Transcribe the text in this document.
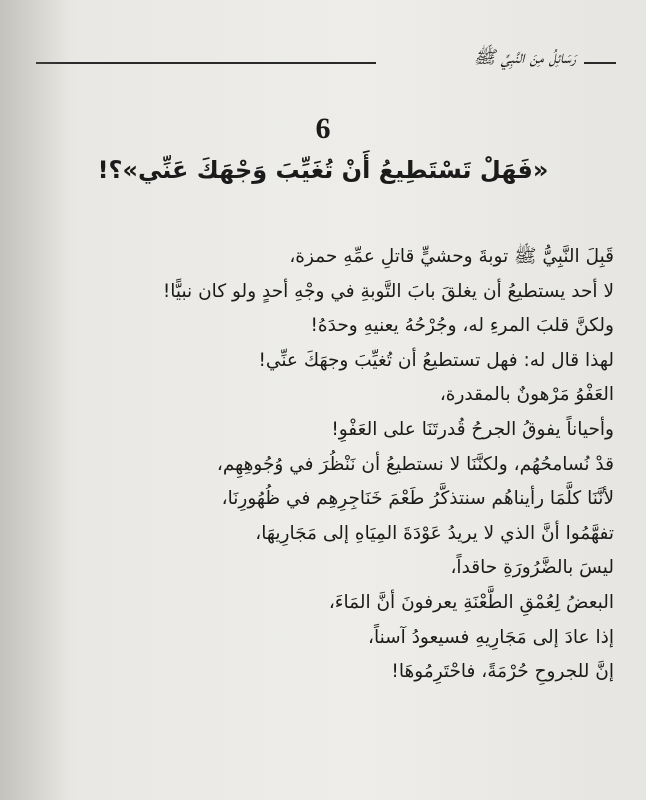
رَسَائِلُ مِنَ النَّبِيِّ ﷺ
6
«فَهَلْ تَسْتَطِيعُ أَنْ تُغَيِّبَ وَجْهَكَ عَنِّي»؟!
قَبِلَ النَّبِيُّ ﷺ توبةَ وحشيٍّ قاتلِ عمِّهِ حمزة،
لا أحد يستطيعُ أن يغلقَ بابَ التَّوبةِ في وجْهِ أحدٍ ولو كان نبيًّا!
ولكنَّ قلبَ المرءِ له، وجُرْحُهُ يعنيهِ وحدَهُ!
لهذا قال له: فهل تستطيعُ أن تُغيِّبَ وجهَكَ عنِّي!
العَفْوُ مَرْهونٌ بالمقدرة،
وأحياناً يفوقُ الجرحُ قُدرتَنَا على العَفْوِ!
قدْ نُسامحُهُم، ولكنَّنَا لا نستطيعُ أن نَنْظُرَ في وُجُوهِهِم،
لأنَّنَا كلَّمَا رأيناهُم سنتذكَّرُ طَعْمَ خَنَاجِرِهِم في ظُهُورِنَا،
تفهَّمُوا أنَّ الذي لا يريدُ عَوْدَةَ المِيَاهِ إلى مَجَارِيهَا،
ليسَ بالضَّرُورَةِ حاقداً،
البعضُ لِعُمْقِ الطَّعْنَةِ يعرفونَ أنَّ المَاءَ،
إذا عادَ إلى مَجَارِيهِ فسيعودُ آسناً،
إنَّ للجروحِ حُرْمَةً، فاحْتَرِمُوهَا!
